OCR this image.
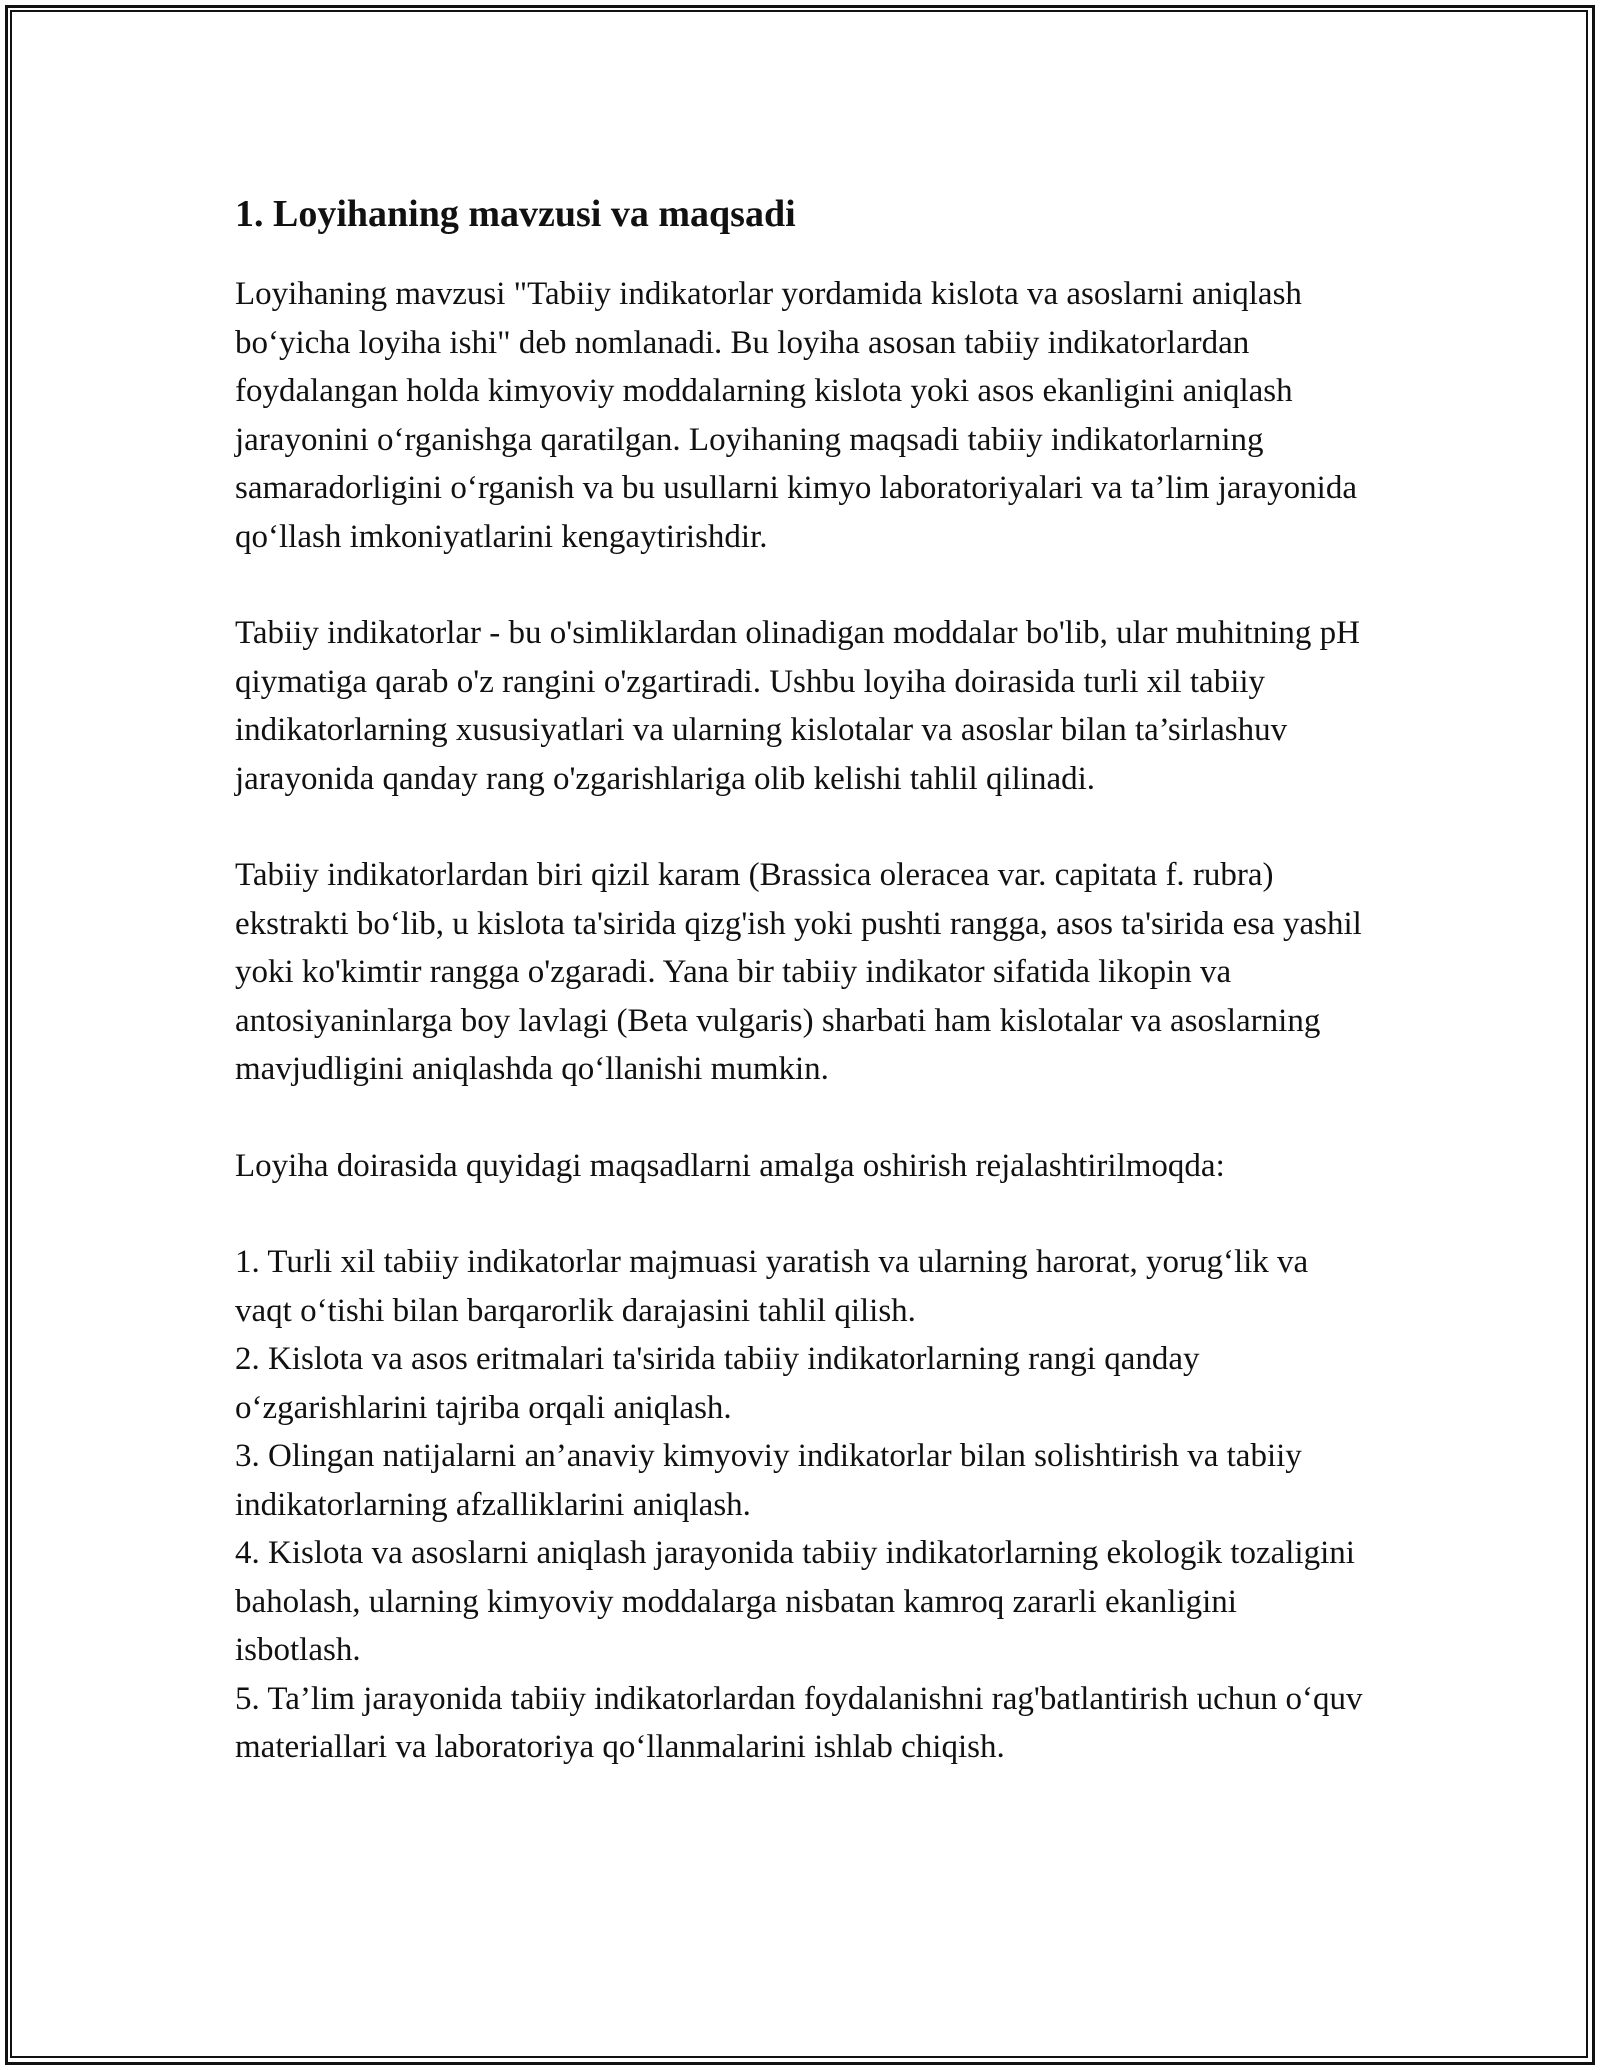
1. Loyihaning mavzusi va maqsadi

Loyihaning mavzusi "Tabiiy indikatorlar yordamida kislota va asoslarni aniqlash bo‘yicha loyiha ishi" deb nomlanadi. Bu loyiha asosan tabiiy indikatorlardan foydalangan holda kimyoviy moddalarning kislota yoki asos ekanligini aniqlash jarayonini o‘rganishga qaratilgan. Loyihaning maqsadi tabiiy indikatorlarning samaradorligini o‘rganish va bu usullarni kimyo laboratoriyalari va ta’lim jarayonida qo‘llash imkoniyatlarini kengaytirishdir.

Tabiiy indikatorlar - bu o'simliklardan olinadigan moddalar bo'lib, ular muhitning pH qiymatiga qarab o'z rangini o'zgartiradi. Ushbu loyiha doirasida turli xil tabiiy indikatorlarning xususiyatlari va ularning kislotalar va asoslar bilan ta’sirlashuv jarayonida qanday rang o'zgarishlariga olib kelishi tahlil qilinadi.

Tabiiy indikatorlardan biri qizil karam (Brassica oleracea var. capitata f. rubra) ekstrakti bo‘lib, u kislota ta'sirida qizg'ish yoki pushti rangga, asos ta'sirida esa yashil yoki ko'kimtir rangga o'zgaradi. Yana bir tabiiy indikator sifatida likopin va antosiyaninlarga boy lavlagi (Beta vulgaris) sharbati ham kislotalar va asoslarning mavjudligini aniqlashda qo‘llanishi mumkin.

Loyiha doirasida quyidagi maqsadlarni amalga oshirish rejalashtirilmoqda:

1. Turli xil tabiiy indikatorlar majmuasi yaratish va ularning harorat, yorug‘lik va vaqt o‘tishi bilan barqarorlik darajasini tahlil qilish.
2. Kislota va asos eritmalari ta'sirida tabiiy indikatorlarning rangi qanday o‘zgarishlarini tajriba orqali aniqlash.
3. Olingan natijalarni an’anaviy kimyoviy indikatorlar bilan solishtirish va tabiiy indikatorlarning afzalliklarini aniqlash.
4. Kislota va asoslarni aniqlash jarayonida tabiiy indikatorlarning ekologik tozaligini baholash, ularning kimyoviy moddalarga nisbatan kamroq zararli ekanligini isbotlash.
5. Ta’lim jarayonida tabiiy indikatorlardan foydalanishni rag'batlantirish uchun o‘quv materiallari va laboratoriya qo‘llanmalarini ishlab chiqish.
